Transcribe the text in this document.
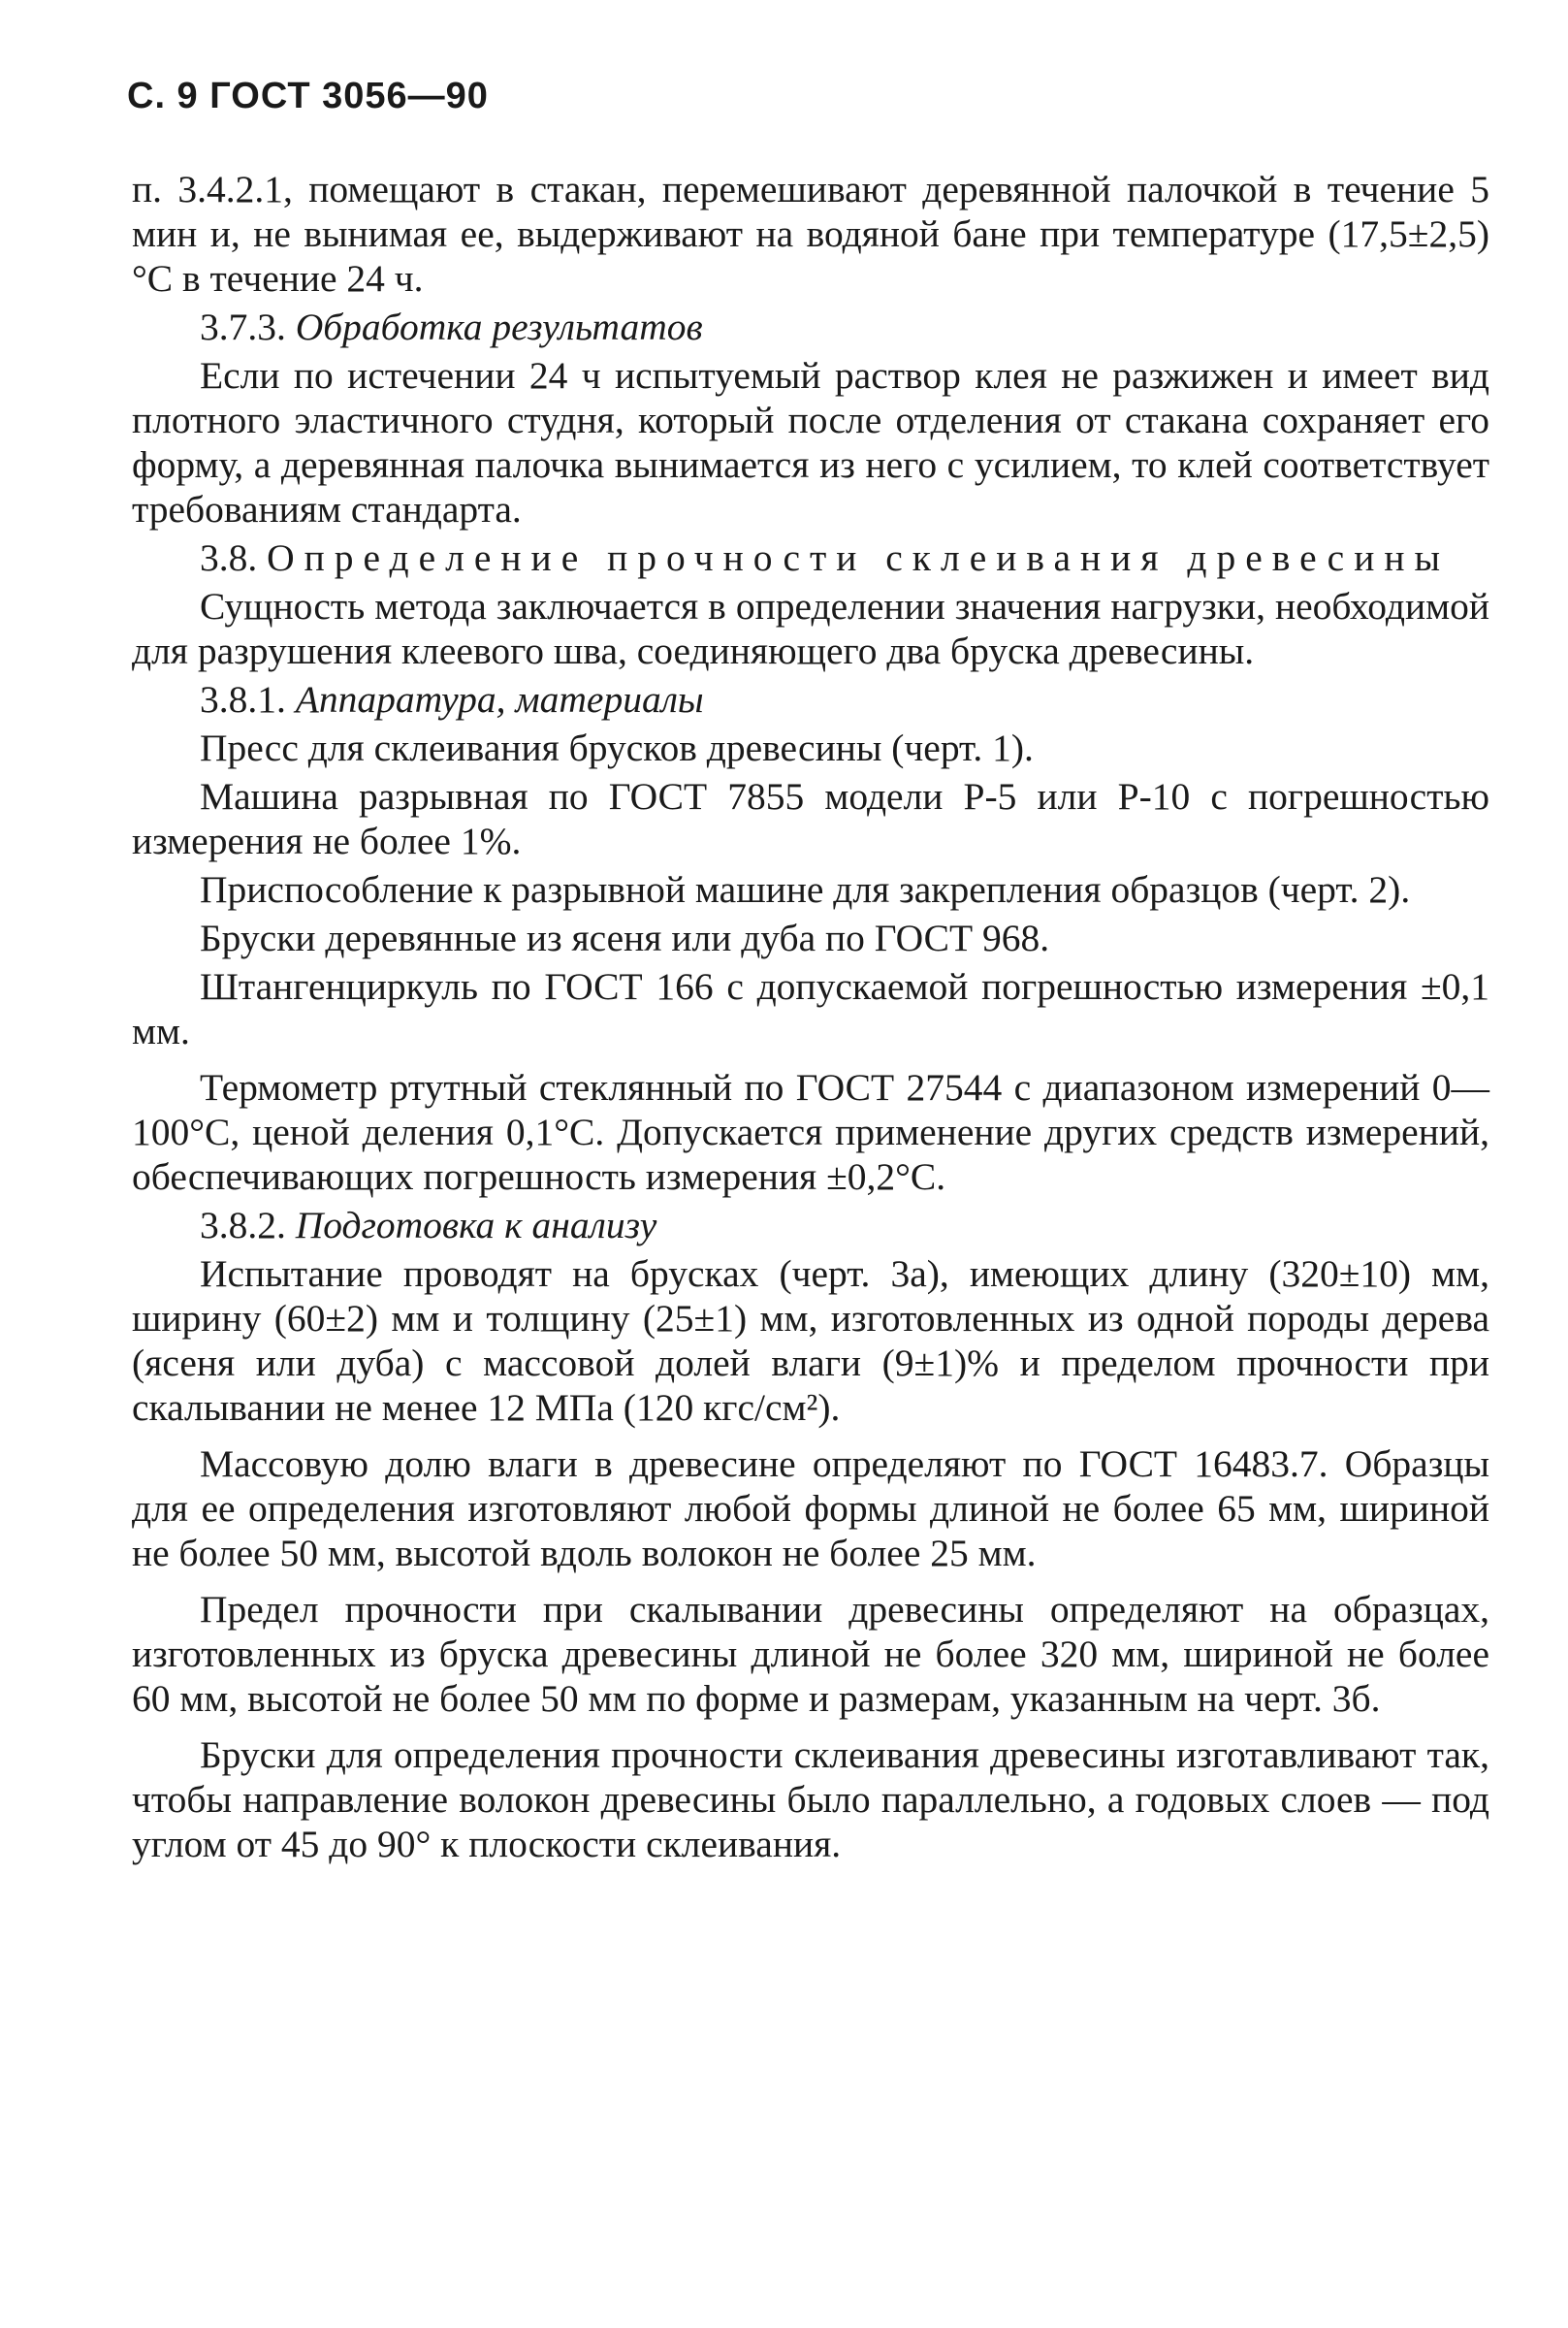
С. 9 ГОСТ 3056—90

п. 3.4.2.1, помещают в стакан, перемешивают деревянной палочкой в течение 5 мин и, не вынимая ее, выдерживают на водяной бане при температуре (17,5±2,5)°С в течение 24 ч.

3.7.3. Обработка результатов

Если по истечении 24 ч испытуемый раствор клея не разжижен и имеет вид плотного эластичного студня, который после отделения от стакана сохраняет его форму, а деревянная палочка вынимается из него с усилием, то клей соответствует требованиям стандарта.

3.8. Определение прочности склеивания древесины

Сущность метода заключается в определении значения нагрузки, необходимой для разрушения клеевого шва, соединяющего два бруска древесины.

3.8.1. Аппаратура, материалы

Пресс для склеивания брусков древесины (черт. 1).

Машина разрывная по ГОСТ 7855 модели Р-5 или Р-10 с погрешностью измерения не более 1%.

Приспособление к разрывной машине для закрепления образцов (черт. 2).

Бруски деревянные из ясеня или дуба по ГОСТ 968.

Штангенциркуль по ГОСТ 166 с допускаемой погрешностью измерения ±0,1 мм.

Термометр ртутный стеклянный по ГОСТ 27544 с диапазоном измерений 0—100°С, ценой деления 0,1°С. Допускается применение других средств измерений, обеспечивающих погрешность измерения ±0,2°С.

3.8.2. Подготовка к анализу

Испытание проводят на брусках (черт. 3а), имеющих длину (320±10) мм, ширину (60±2) мм и толщину (25±1) мм, изготовленных из одной породы дерева (ясеня или дуба) с массовой долей влаги (9±1)% и пределом прочности при скалывании не менее 12 МПа (120 кгс/см²).

Массовую долю влаги в древесине определяют по ГОСТ 16483.7. Образцы для ее определения изготовляют любой формы длиной не более 65 мм, шириной не более 50 мм, высотой вдоль волокон не более 25 мм.

Предел прочности при скалывании древесины определяют на образцах, изготовленных из бруска древесины длиной не более 320 мм, шириной не более 60 мм, высотой не более 50 мм по форме и размерам, указанным на черт. 3б.

Бруски для определения прочности склеивания древесины изготавливают так, чтобы направление волокон древесины было параллельно, а годовых слоев — под углом от 45 до 90° к плоскости склеивания.
